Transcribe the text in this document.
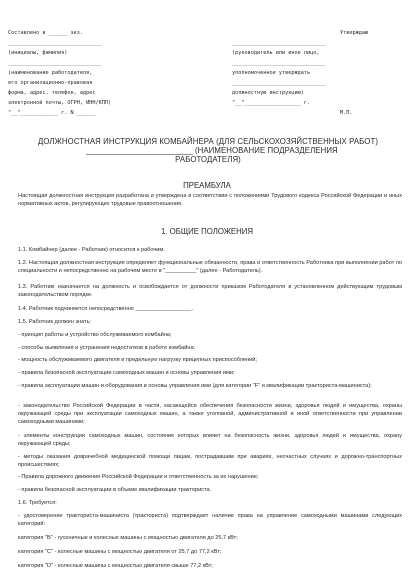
Составлено в ______ экз.
______________________________
(инициалы, фамилия)
______________________________
(наименование работодателя,
его организационно-правовая
форма, адрес, телефон, адрес
электронной почты, ОГРН, ИНН/КПП)
"__"____________ г. N ______
Утверждаю
______________________________
(руководитель или иное лицо,
______________________________
уполномоченное утверждать
______________________________
должностную инструкцию)
"__"__________________ г.
М.П.
ДОЛЖНОСТНАЯ ИНСТРУКЦИЯ КОМБАЙНЕРА (ДЛЯ СЕЛЬСКОХОЗЯЙСТВЕННЫХ РАБОТ)
________________________ (НАИМЕНОВАНИЕ ПОДРАЗДЕЛЕНИЯ
РАБОТОДАТЕЛЯ)
ПРЕАМБУЛА
Настоящая должностная инструкция разработана и утверждена в соответствии с положениями Трудового кодекса Российской Федерации и иных нормативных актов, регулирующих трудовые правоотношения.
1. ОБЩИЕ ПОЛОЖЕНИЯ
1.1. Комбайнер (далее - Работник) относится к рабочим.
1.2. Настоящая должностная инструкция определяет функциональные обязанности, права и ответственность Работника при выполнении работ по специальности и непосредственно на рабочем месте в "__________" (далее - Работодатель).
1.3. Работник назначается на должность и освобождается от должности приказом Работодателя в установленном действующим трудовым законодательством порядке.
1.4. Работник подчиняется непосредственно __________________.
1.5. Работник должен знать:
- принцип работы и устройство обслуживаемого комбайна;
- способы выявления и устранения недостатков в работе комбайна;
- мощность обслуживаемого двигателя и предельную нагрузку прицепных приспособлений;
- правила безопасной эксплуатации самоходных машин и основы управления ими;
- правила эксплуатации машин и оборудования и основы управления ими (для категории "F" и квалификации тракториста-машиниста);
- законодательство Российской Федерации в части, касающейся обеспечения безопасности жизни, здоровья людей и имущества, охраны окружающей среды при эксплуатации самоходных машин, а также уголовной, административной и иной ответственности при управлении самоходными машинами;
- элементы конструкции самоходных машин, состояние которых влияет на безопасность жизни, здоровья людей и имущества, охрану окружающей среды;
- методы оказания доврачебной медицинской помощи лицам, пострадавшим при авариях, несчастных случаях и дорожно-транспортных происшествиях;
- Правила дорожного движения Российской Федерации и ответственность за их нарушение;
- правила безопасной эксплуатации в объеме квалификации тракториста.
1.6. Требуется:
- удостоверение тракториста-машиниста (тракториста) подтверждает наличие права на управление самоходными машинами следующих категорий:
категория "B" - гусеничные и колесные машины с мощностью двигателя до 25,7 кВт;
категория "C" - колесные машины с мощностью двигателя от 25,7 до 77,2 кВт;
категория "D" - колесные машины с мощностью двигателя свыше 77,2 кВт;
